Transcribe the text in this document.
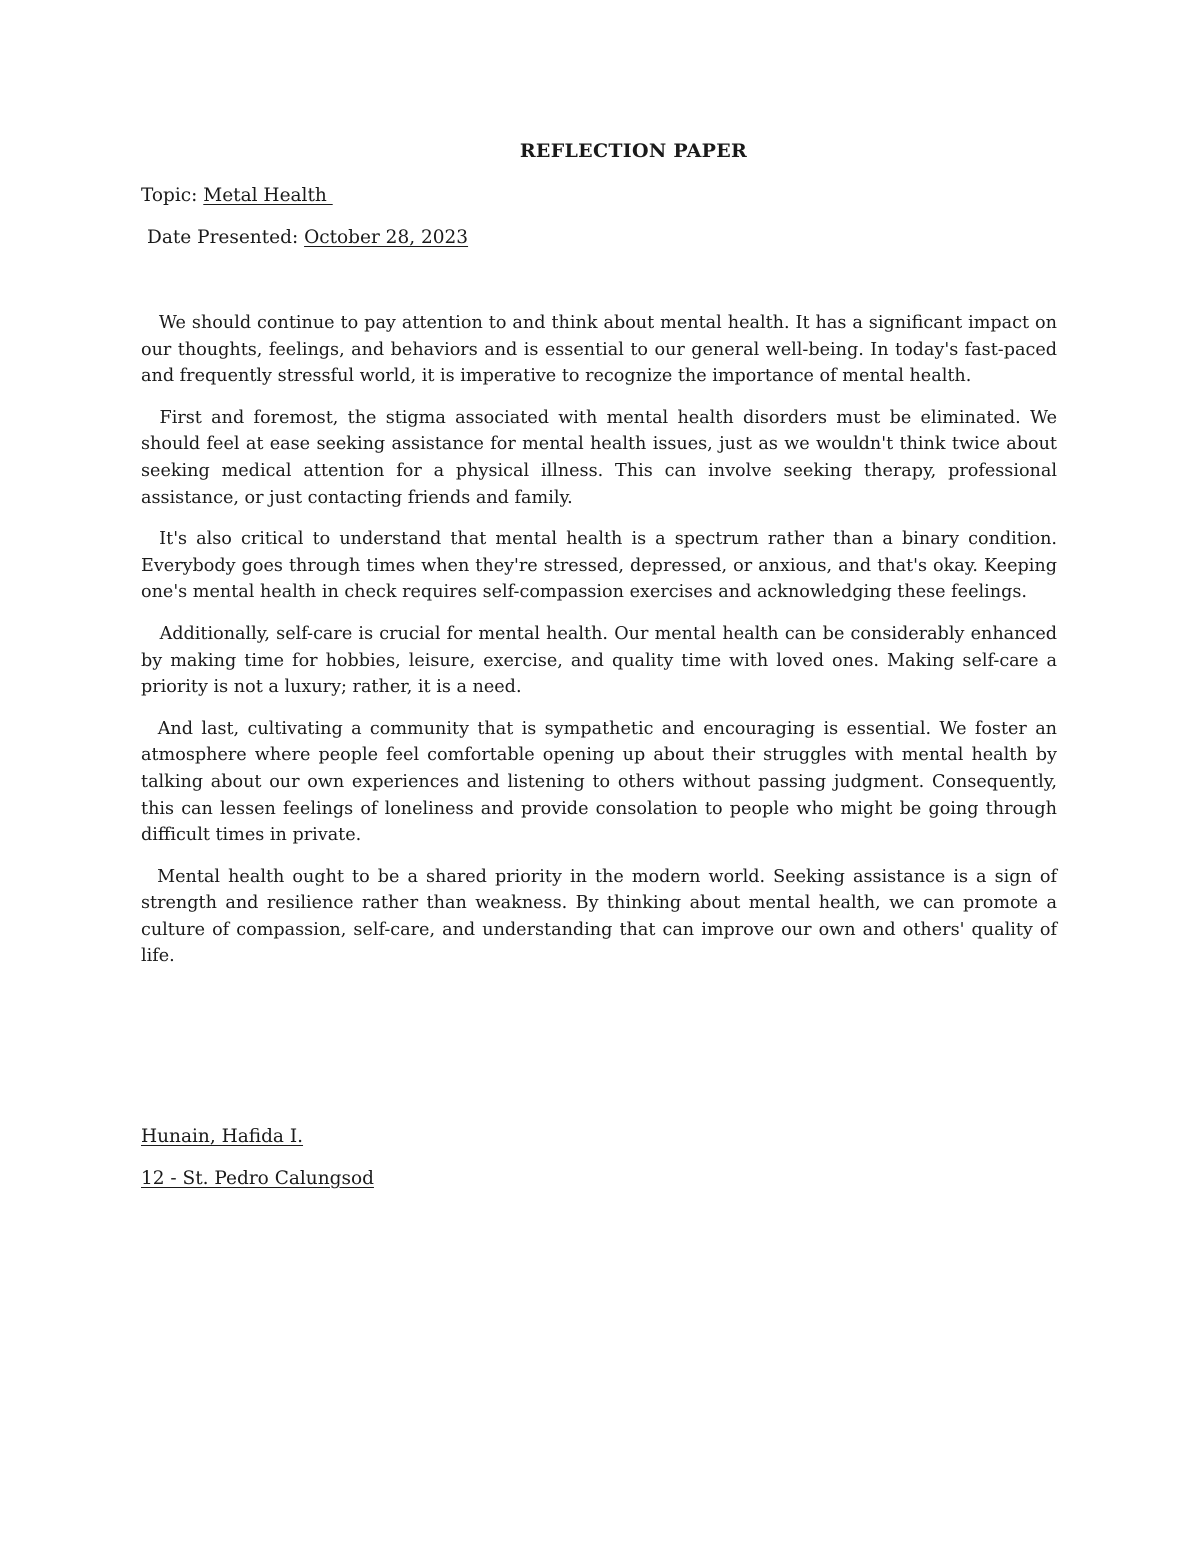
REFLECTION PAPER
Topic: Metal Health
Date Presented: October 28, 2023

We should continue to pay attention to and think about mental health. It has a significant impact on our thoughts, feelings, and behaviors and is essential to our general well-being. In today's fast-paced and frequently stressful world, it is imperative to recognize the importance of mental health.

First and foremost, the stigma associated with mental health disorders must be eliminated. We should feel at ease seeking assistance for mental health issues, just as we wouldn't think twice about seeking medical attention for a physical illness. This can involve seeking therapy, professional assistance, or just contacting friends and family.

It's also critical to understand that mental health is a spectrum rather than a binary condition. Everybody goes through times when they're stressed, depressed, or anxious, and that's okay. Keeping one's mental health in check requires self-compassion exercises and acknowledging these feelings.

Additionally, self-care is crucial for mental health. Our mental health can be considerably enhanced by making time for hobbies, leisure, exercise, and quality time with loved ones. Making self-care a priority is not a luxury; rather, it is a need.

And last, cultivating a community that is sympathetic and encouraging is essential. We foster an atmosphere where people feel comfortable opening up about their struggles with mental health by talking about our own experiences and listening to others without passing judgment. Consequently, this can lessen feelings of loneliness and provide consolation to people who might be going through difficult times in private.

Mental health ought to be a shared priority in the modern world. Seeking assistance is a sign of strength and resilience rather than weakness. By thinking about mental health, we can promote a culture of compassion, self-care, and understanding that can improve our own and others' quality of life.

Hunain, Hafida I.
12 - St. Pedro Calungsod
